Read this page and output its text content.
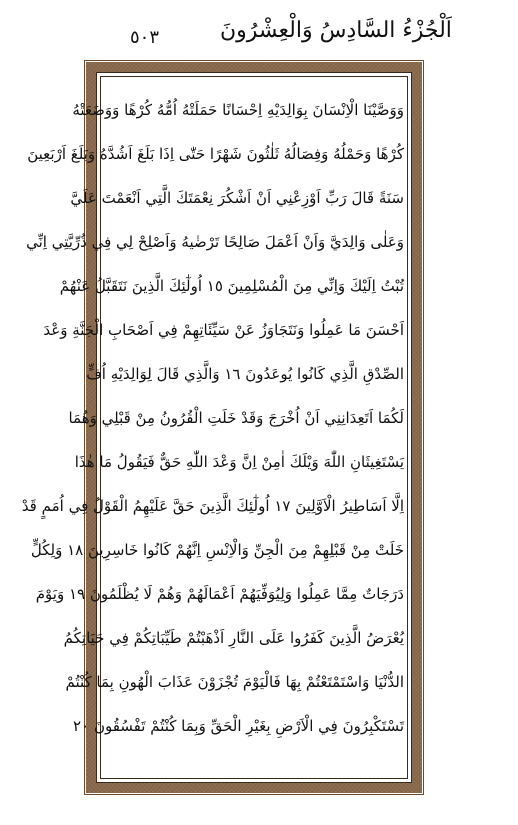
٥٠٣	اَلْجُزْءُ السَّادِسُ وَالْعِشْرُونَ
وَوَصَّيْنَا الْاِنْسَانَ بِوَالِدَيْهِ اِحْسَانًا حَمَلَتْهُ اُمُّهُ كُرْهًا وَوَضَعَتْهُ
كُرْهًا وَحَمْلُهُ وَفِصَالُهُ ثَلٰثُونَ شَهْرًا حَتّٰى اِذَا بَلَغَ اَشُدَّهُ وَبَلَغَ اَرْبَعِينَ
سَنَةً قَالَ رَبِّ اَوْزِعْنِي اَنْ اَشْكُرَ نِعْمَتَكَ الَّتِي اَنْعَمْتَ عَلَيَّ
وَعَلٰى وَالِدَيَّ وَاَنْ اَعْمَلَ صَالِحًا تَرْضٰيهُ وَاَصْلِحْ لِي فِي ذُرِّيَّتِي اِنِّي
تُبْتُ اِلَيْكَ وَاِنِّي مِنَ الْمُسْلِمِينَ ١٥ اُولٰٓئِكَ الَّذِينَ نَتَقَبَّلُ عَنْهُمْ
اَحْسَنَ مَا عَمِلُوا وَنَتَجَاوَزُ عَنْ سَيِّئَاتِهِمْ فِي اَصْحَابِ الْجَنَّةِ وَعْدَ
الصِّدْقِ الَّذِي كَانُوا يُوعَدُونَ ١٦ وَالَّذِي قَالَ لِوَالِدَيْهِ اُفٍّ
لَكُمَا اَتَعِدَانِنِي اَنْ اُخْرَجَ وَقَدْ خَلَتِ الْقُرُونُ مِنْ قَبْلِي وَهُمَا
يَسْتَغِيثَانِ اللّٰهَ وَيْلَكَ اٰمِنْ اِنَّ وَعْدَ اللّٰهِ حَقٌّ فَيَقُولُ مَا هٰذَا
اِلَّا اَسَاطِيرُ الْاَوَّلِينَ ١٧ اُولٰٓئِكَ الَّذِينَ حَقَّ عَلَيْهِمُ الْقَوْلُ فِي اُمَمٍ قَدْ
خَلَتْ مِنْ قَبْلِهِمْ مِنَ الْجِنِّ وَالْاِنْسِ اِنَّهُمْ كَانُوا خَاسِرِينَ ١٨ وَلِكُلٍّ
دَرَجَاتٌ مِمَّا عَمِلُوا وَلِيُوَفِّيَهُمْ اَعْمَالَهُمْ وَهُمْ لَا يُظْلَمُونَ ١٩ وَيَوْمَ
يُعْرَضُ الَّذِينَ كَفَرُوا عَلَى النَّارِ اَذْهَبْتُمْ طَيِّبَاتِكُمْ فِي حَيَاتِكُمُ
الدُّنْيَا وَاسْتَمْتَعْتُمْ بِهَا فَالْيَوْمَ تُجْزَوْنَ عَذَابَ الْهُونِ بِمَا كُنْتُمْ
تَسْتَكْبِرُونَ فِي الْاَرْضِ بِغَيْرِ الْحَقِّ وَبِمَا كُنْتُمْ تَفْسُقُونَ ٢٠
